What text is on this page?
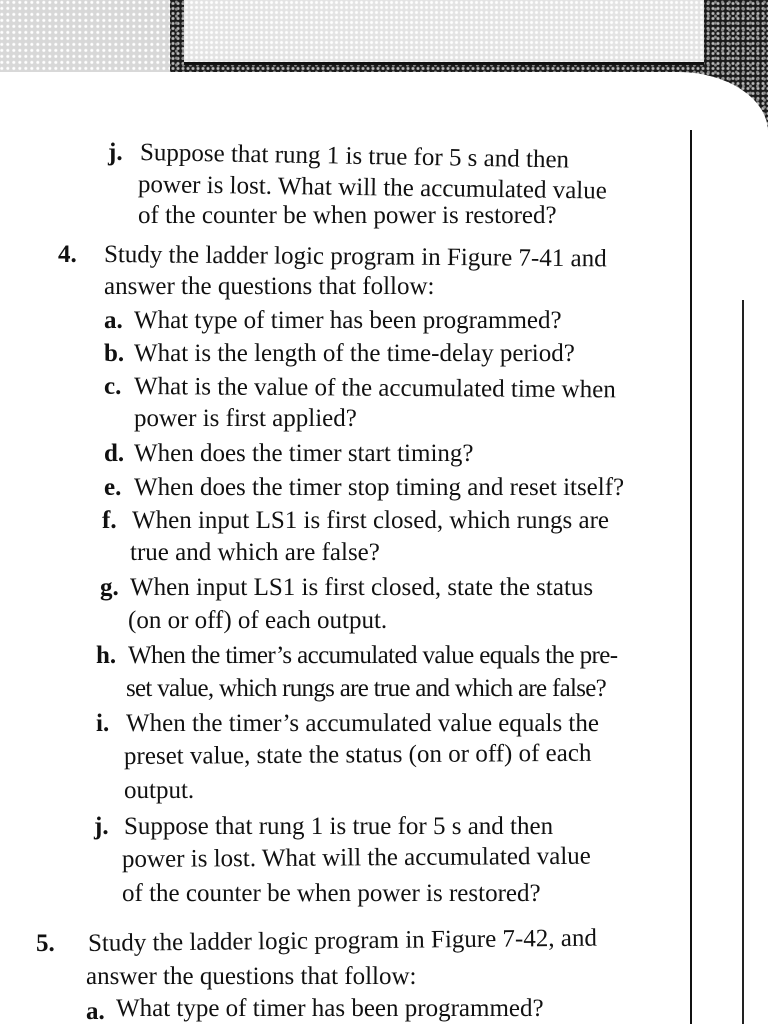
j. Suppose that rung 1 is true for 5 s and then
power is lost. What will the accumulated value
of the counter be when power is restored?
4. Study the ladder logic program in Figure 7-41 and
answer the questions that follow:
a. What type of timer has been programmed?
b. What is the length of the time-delay period?
c. What is the value of the accumulated time when
power is first applied?
d. When does the timer start timing?
e. When does the timer stop timing and reset itself?
f. When input LS1 is first closed, which rungs are
true and which are false?
g. When input LS1 is first closed, state the status
(on or off) of each output.
h. When the timer’s accumulated value equals the pre-
set value, which rungs are true and which are false?
i. When the timer’s accumulated value equals the
preset value, state the status (on or off) of each
output.
j. Suppose that rung 1 is true for 5 s and then
power is lost. What will the accumulated value
of the counter be when power is restored?
5. Study the ladder logic program in Figure 7-42, and
answer the questions that follow:
a. What type of timer has been programmed?
